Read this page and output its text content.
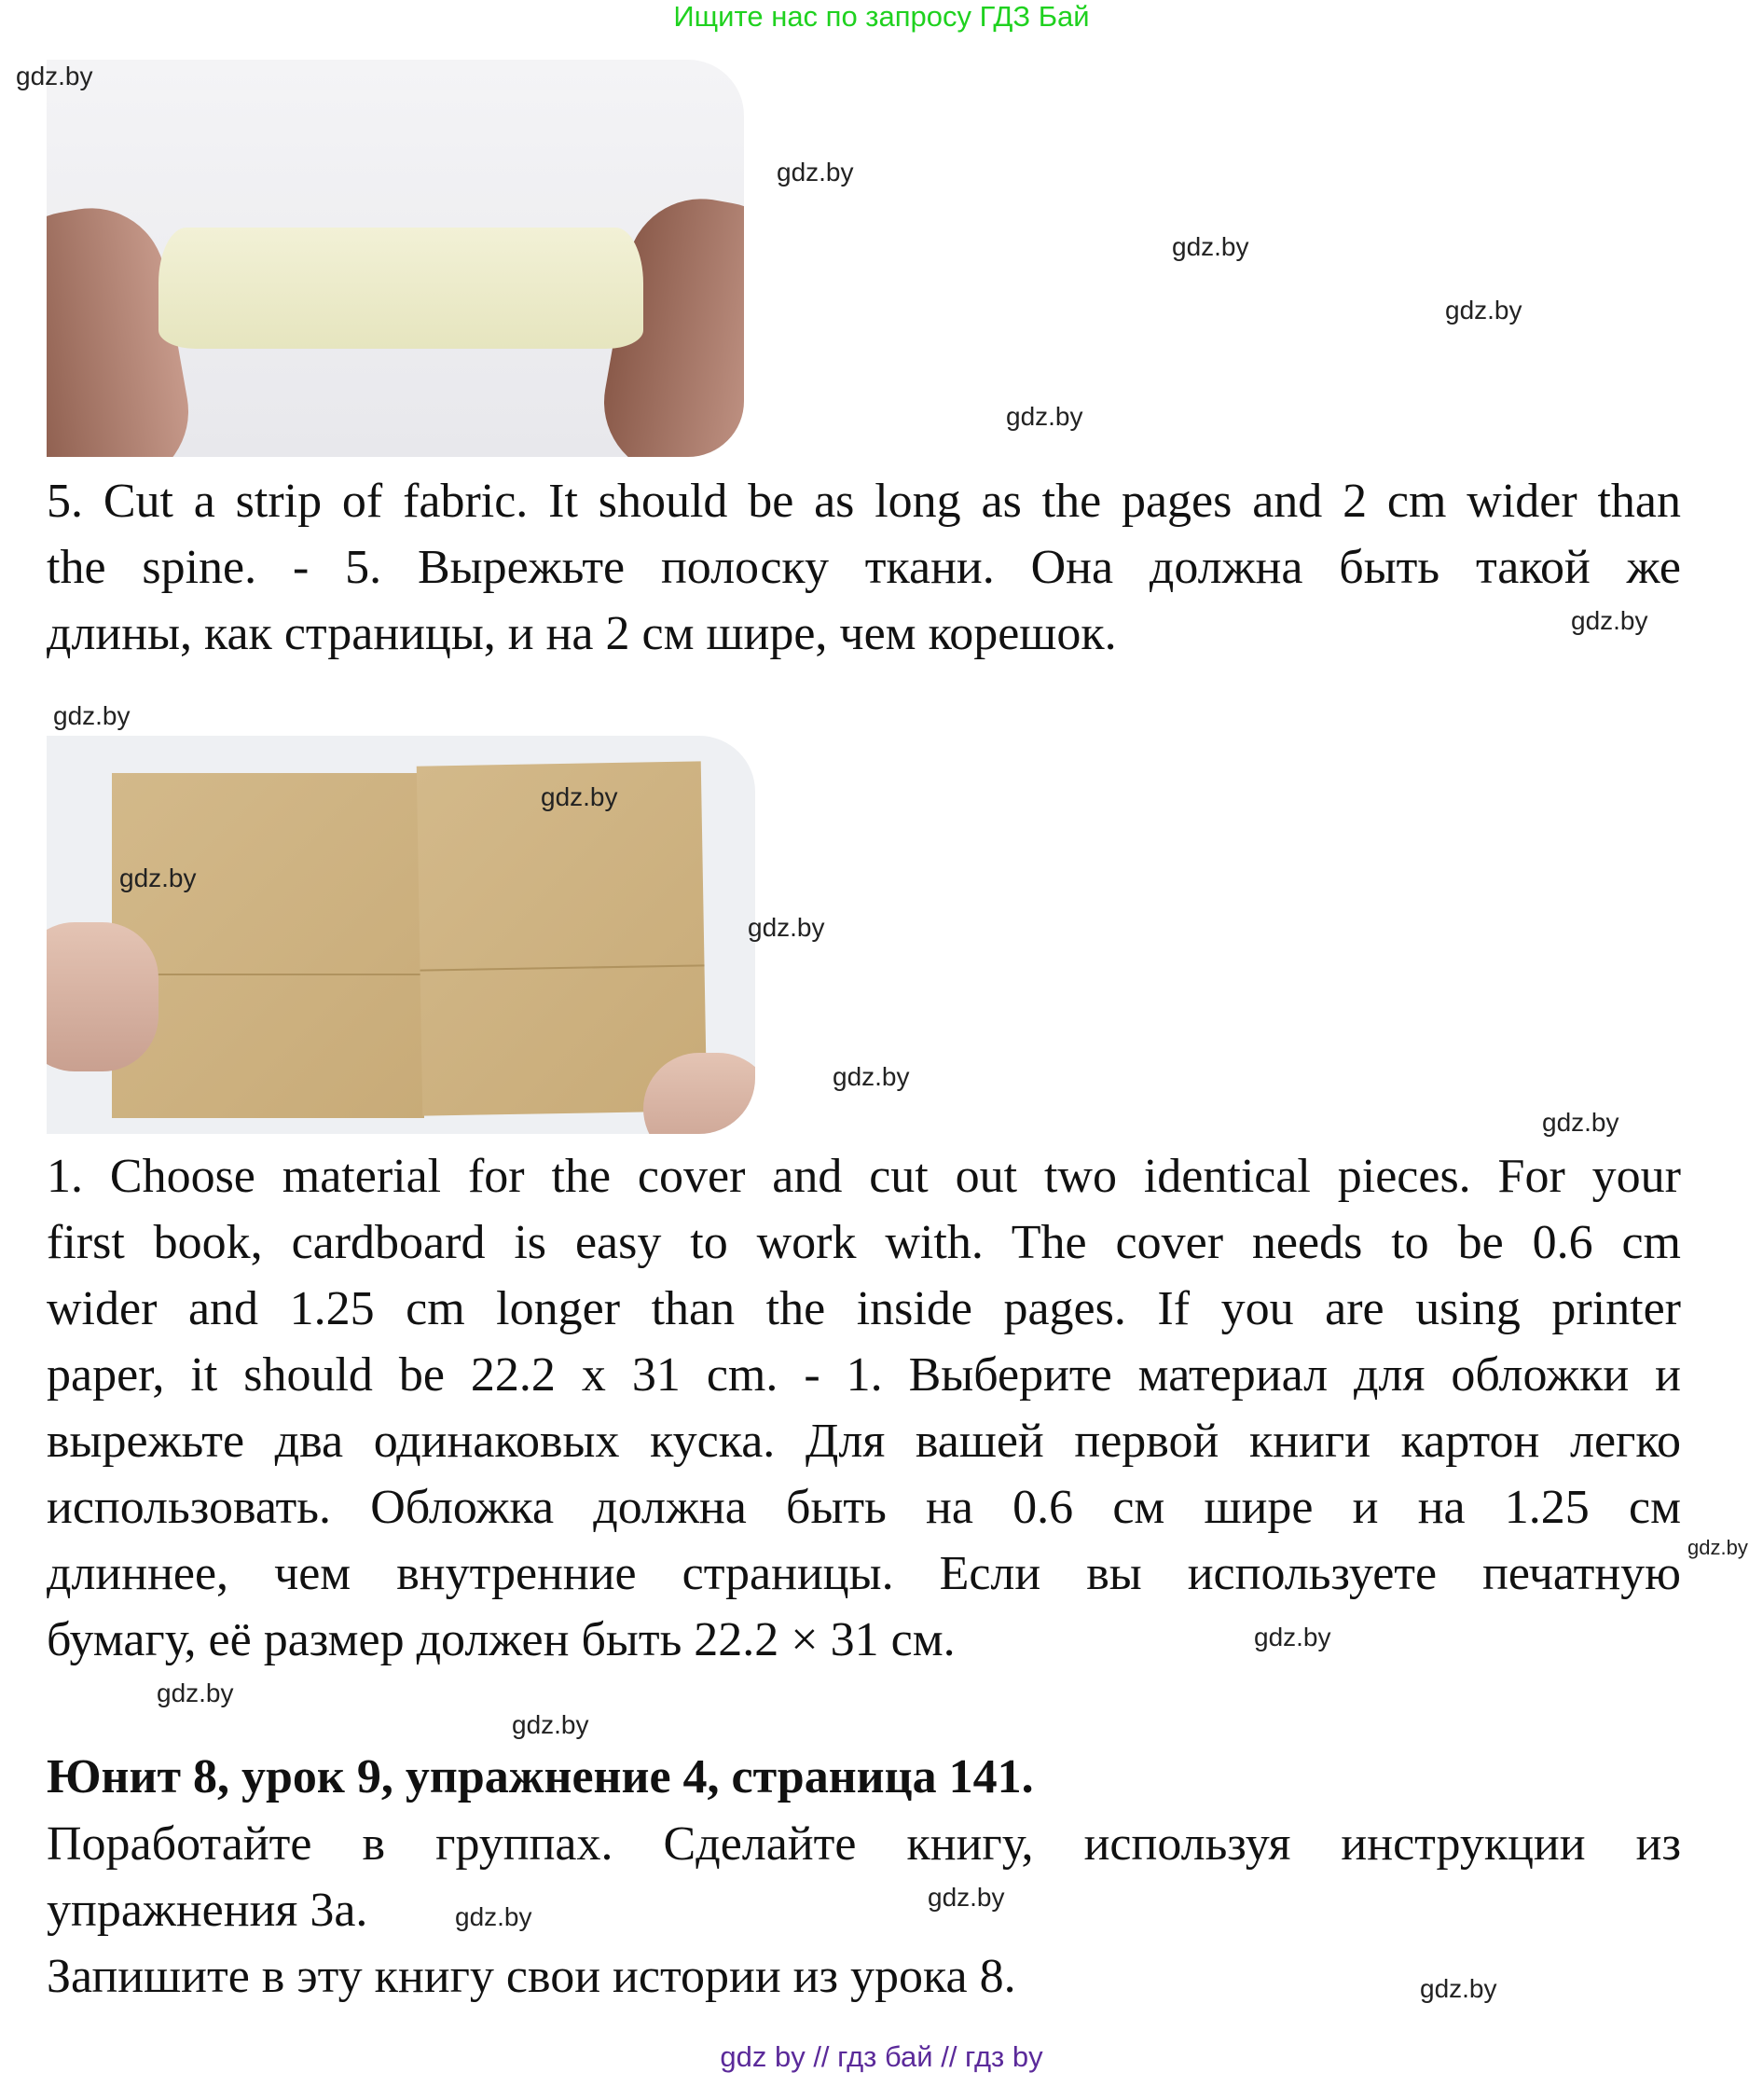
Ищите нас по запросу ГДЗ Бай
5. Cut a strip of fabric. It should be as long as the pages and 2 cm wider than
the spine. - 5. Вырежьте полоску ткани. Она должна быть такой же
длины, как страницы, и на 2 см шире, чем корешок.
1. Choose material for the cover and cut out two identical pieces. For your
first book, cardboard is easy to work with. The cover needs to be 0.6 cm
wider and 1.25 cm longer than the inside pages. If you are using printer
paper, it should be 22.2 x 31 cm. - 1. Выберите материал для обложки и
вырежьте два одинаковых куска. Для вашей первой книги картон легко
использовать. Обложка должна быть на 0.6 см шире и на 1.25 см
длиннее, чем внутренние страницы. Если вы используете печатную
бумагу, её размер должен быть 22.2 × 31 см.
Юнит 8, урок 9, упражнение 4, страница 141.
Поработайте в группах. Сделайте книгу, используя инструкции из
упражнения 3а.
Запишите в эту книгу свои истории из урока 8.
gdz by // гдз бай // гдз by
gdz.by
gdz.by
gdz.by
gdz.by
gdz.by
gdz.by
gdz.by
gdz.by
gdz.by
gdz.by
gdz.by
gdz.by
gdz.by
gdz.by
gdz.by
gdz.by
gdz.by
gdz.by
gdz.by
